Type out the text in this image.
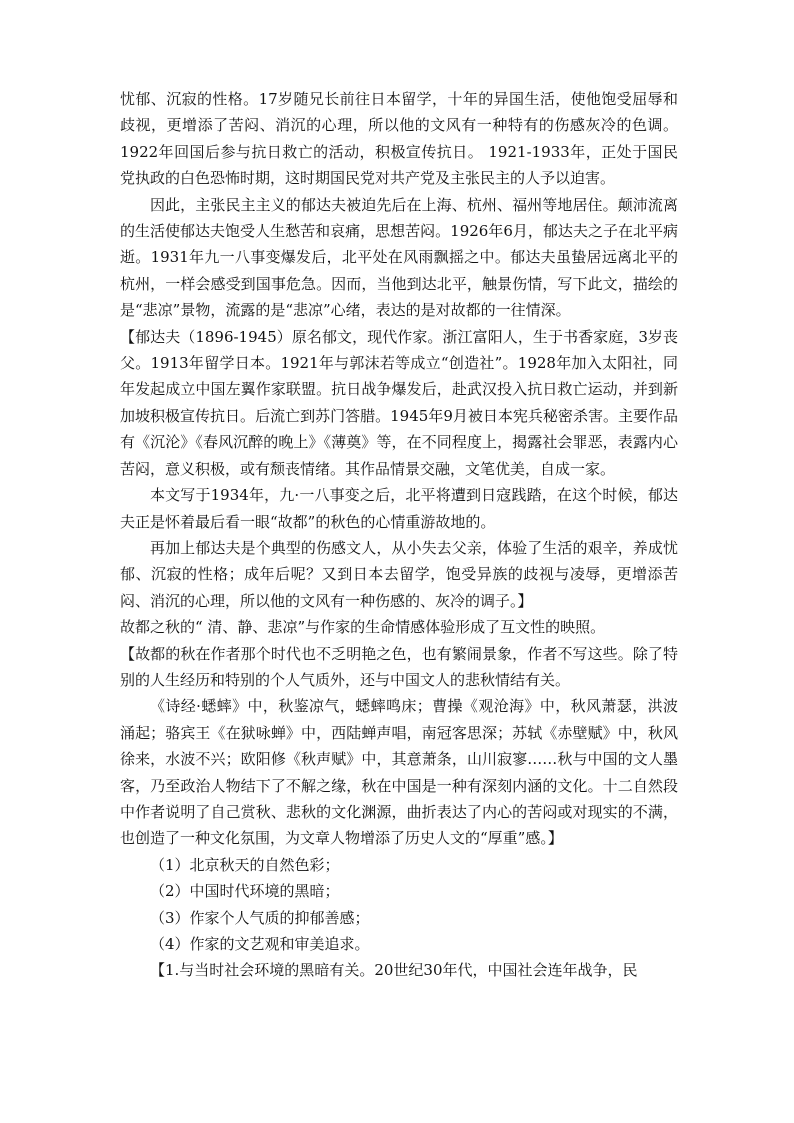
忧郁、沉寂的性格。17岁随兄长前往日本留学，十年的异国生活，使他饱受屈辱和歧视，更增添了苦闷、消沉的心理，所以他的文风有一种特有的伤感灰冷的色调。1922年回国后参与抗日救亡的活动，积极宣传抗日。 1921-1933年，正处于国民党执政的白色恐怖时期，这时期国民党对共产党及主张民主的人予以迫害。

因此，主张民主主义的郁达夫被迫先后在上海、杭州、福州等地居住。颠沛流离的生活使郁达夫饱受人生愁苦和哀痛，思想苦闷。1926年6月，郁达夫之子在北平病逝。1931年九一八事变爆发后，北平处在风雨飘摇之中。郁达夫虽蛰居远离北平的杭州，一样会感受到国事危急。因而，当他到达北平，触景伤情，写下此文，描绘的是“悲凉”景物，流露的是“悲凉”心绪，表达的是对故都的一往情深。

【郁达夫（1896-1945）原名郁文，现代作家。浙江富阳人，生于书香家庭，3岁丧父。1913年留学日本。1921年与郭沫若等成立“创造社”。1928年加入太阳社，同年发起成立中国左翼作家联盟。抗日战争爆发后，赴武汉投入抗日救亡运动，并到新加坡积极宣传抗日。后流亡到苏门答腊。1945年9月被日本宪兵秘密杀害。主要作品有《沉沦》《春风沉醉的晚上》《薄奠》等，在不同程度上，揭露社会罪恶，表露内心苦闷，意义积极，或有颓丧情绪。其作品情景交融，文笔优美，自成一家。

本文写于1934年，九·一八事变之后，北平将遭到日寇践踏，在这个时候，郁达夫正是怀着最后看一眼“故都”的秋色的心情重游故地的。

再加上郁达夫是个典型的伤感文人，从小失去父亲，体验了生活的艰辛，养成忧郁、沉寂的性格；成年后呢？又到日本去留学，饱受异族的歧视与凌辱，更增添苦闷、消沉的心理，所以他的文风有一种伤感的、灰冷的调子。】

故都之秋的“ 清、静、悲凉”与作家的生命情感体验形成了互文性的映照。

【故都的秋在作者那个时代也不乏明艳之色，也有繁闹景象，作者不写这些。除了特别的人生经历和特别的个人气质外，还与中国文人的悲秋情结有关。

《诗经·蟋蟀》中，秋鉴凉气，蟋蟀鸣床；曹操《观沧海》中，秋风萧瑟，洪波涌起；骆宾王《在狱咏蝉》中，西陆蝉声唱，南冠客思深；苏轼《赤壁赋》中，秋风徐来，水波不兴；欧阳修《秋声赋》中，其意萧条，山川寂寥……秋与中国的文人墨客，乃至政治人物结下了不解之缘，秋在中国是一种有深刻内涵的文化。十二自然段中作者说明了自己赏秋、悲秋的文化渊源，曲折表达了内心的苦闷或对现实的不满，也创造了一种文化氛围，为文章人物增添了历史人文的“厚重”感。】

（1）北京秋天的自然色彩；

（2）中国时代环境的黑暗；

（3）作家个人气质的抑郁善感；

（4）作家的文艺观和审美追求。

【1.与当时社会环境的黑暗有关。20世纪30年代，中国社会连年战争，民
